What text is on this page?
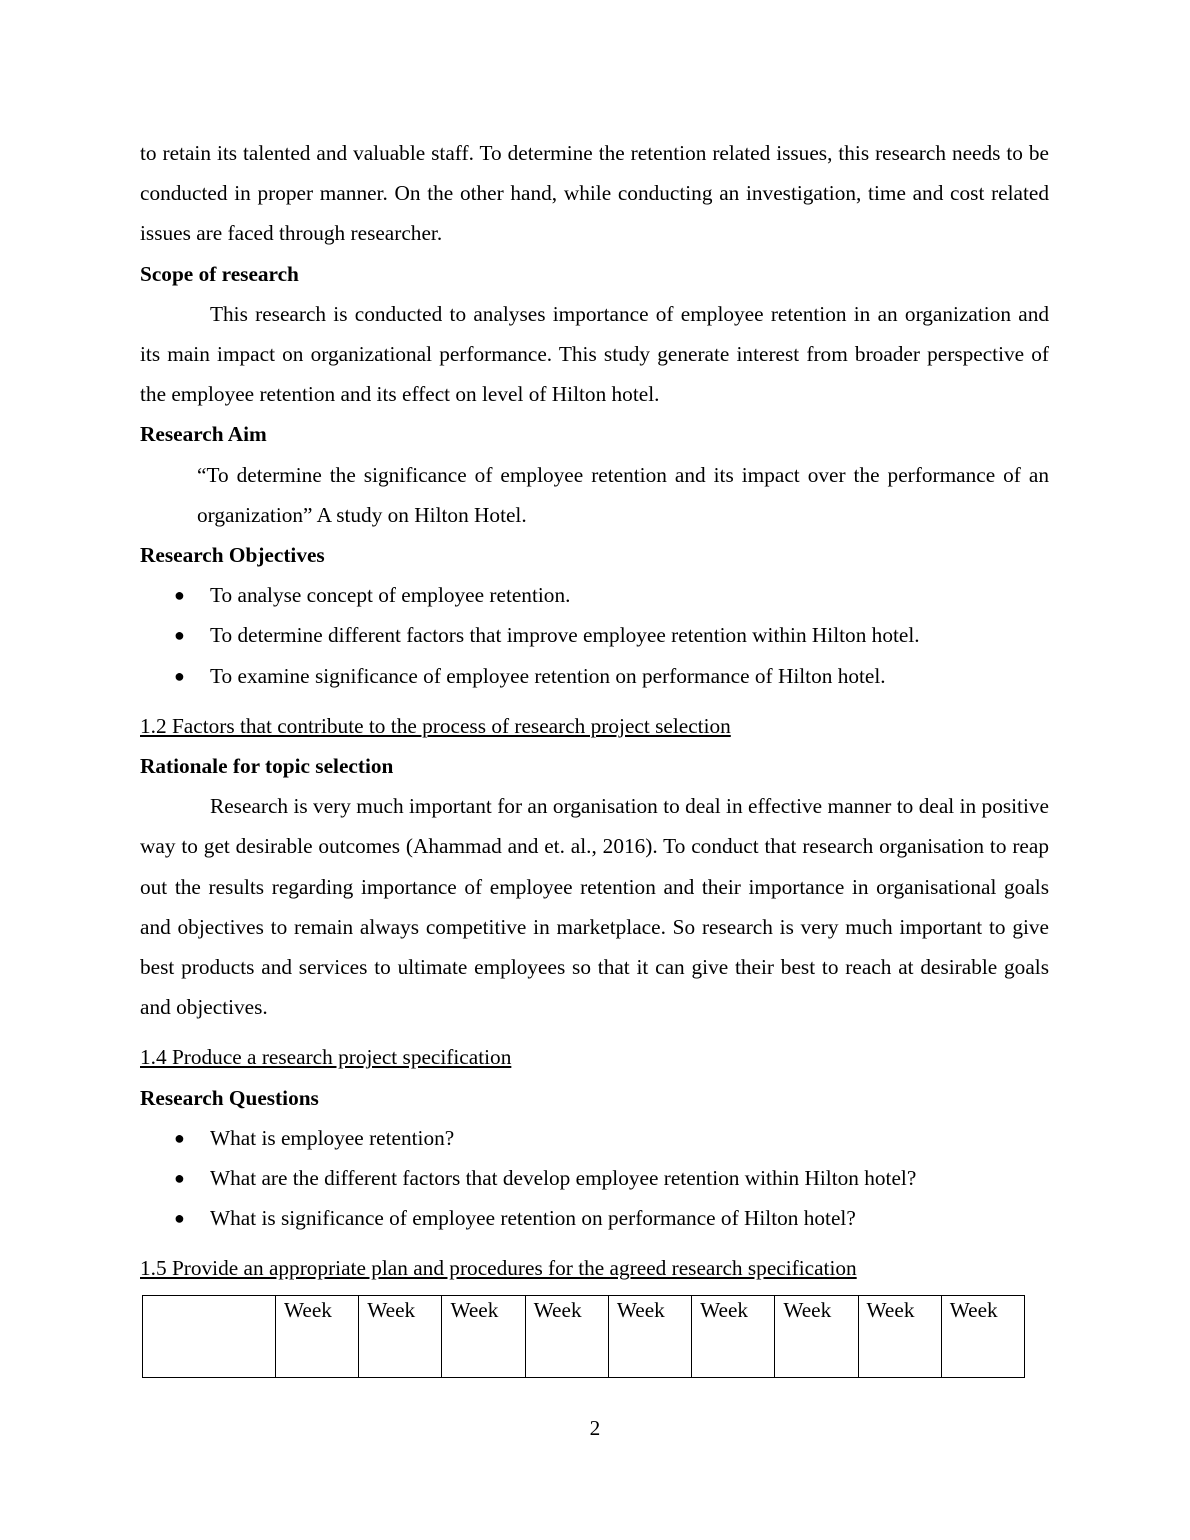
to retain its talented and valuable staff. To determine the retention related issues, this research needs to be conducted in proper manner. On the other hand, while conducting an investigation, time and cost related issues are faced through researcher.

Scope of research

This research is conducted to analyses importance of employee retention in an organization and its main impact on organizational performance. This study generate interest from broader perspective of the employee retention and its effect on level of Hilton hotel.

Research Aim

“To determine the significance of employee retention and its impact over the performance of an organization” A study on Hilton Hotel.

Research Objectives

● To analyse concept of employee retention.
● To determine different factors that improve employee retention within Hilton hotel.
● To examine significance of employee retention on performance of Hilton hotel.

1.2 Factors that contribute to the process of research project selection

Rationale for topic selection

Research is very much important for an organisation to deal in effective manner to deal in positive way to get desirable outcomes (Ahammad and et. al., 2016). To conduct that research organisation to reap out the results regarding importance of employee retention and their importance in organisational goals and objectives to remain always competitive in marketplace. So research is very much important to give best products and services to ultimate employees so that it can give their best to reach at desirable goals and objectives.

1.4 Produce a research project specification

Research Questions

● What is employee retention?
● What are the different factors that develop employee retention within Hilton hotel?
● What is significance of employee retention on performance of Hilton hotel?

1.5 Provide an appropriate plan and procedures for the agreed research specification

	Week	Week	Week	Week	Week	Week	Week	Week	Week
2
